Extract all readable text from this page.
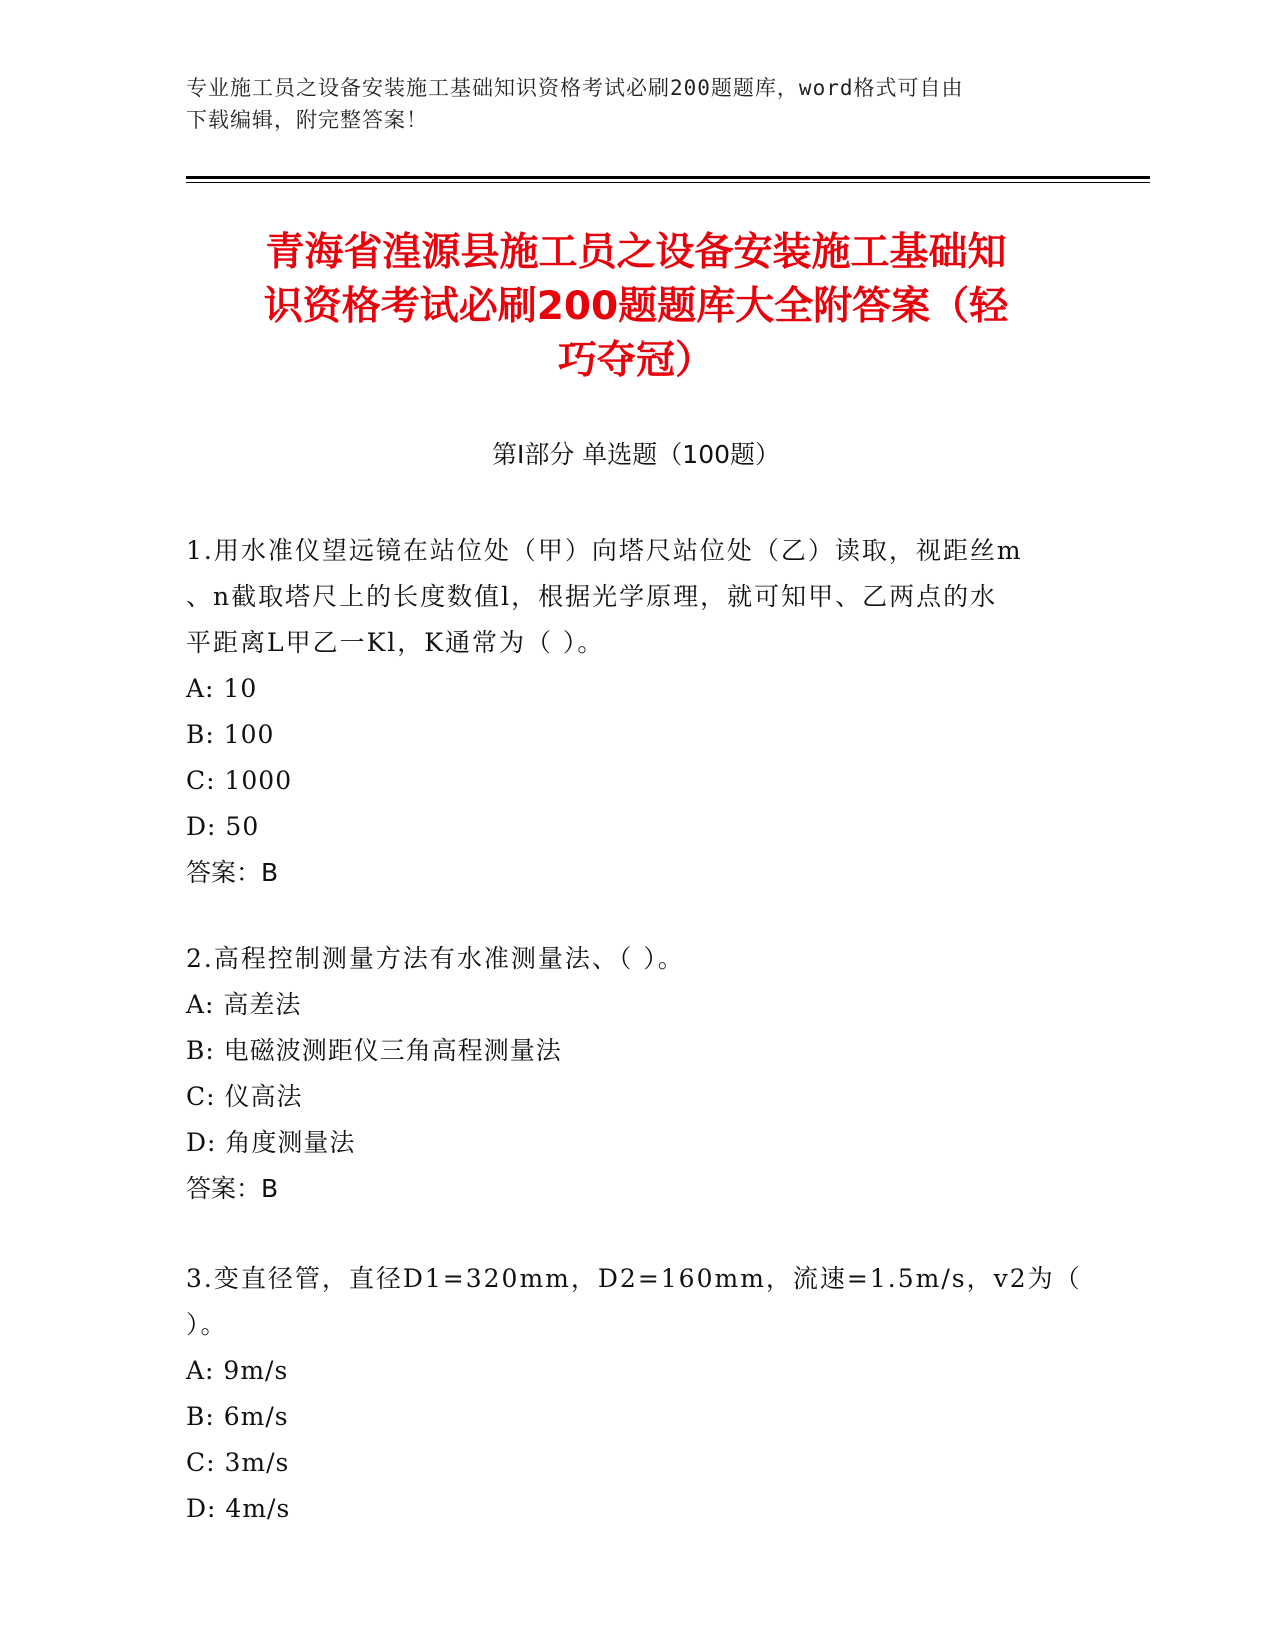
专业施工员之设备安装施工基础知识资格考试必刷200题题库，word格式可自由
下载编辑，附完整答案！
青海省湟源县施工员之设备安装施工基础知
识资格考试必刷200题题库大全附答案（轻
巧夺冠）
第Ⅰ部分 单选题（100题）

1.用水准仪望远镜在站位处（甲）向塔尺站位处（乙）读取，视距丝m

、n截取塔尺上的长度数值l，根据光学原理，就可知甲、乙两点的水

平距离L甲乙一Kl，K通常为（ ）。

A: 10

B: 100

C: 1000

D: 50

答案：B

2.高程控制测量方法有水准测量法、（ ）。

A: 高差法

B: 电磁波测距仪三角高程测量法

C: 仪高法

D: 角度测量法

答案：B

3.变直径管，直径D1=320mm，D2=160mm，流速=1.5m/s，v2为（ ）。

A: 9m/s

B: 6m/s

C: 3m/s

D: 4m/s
